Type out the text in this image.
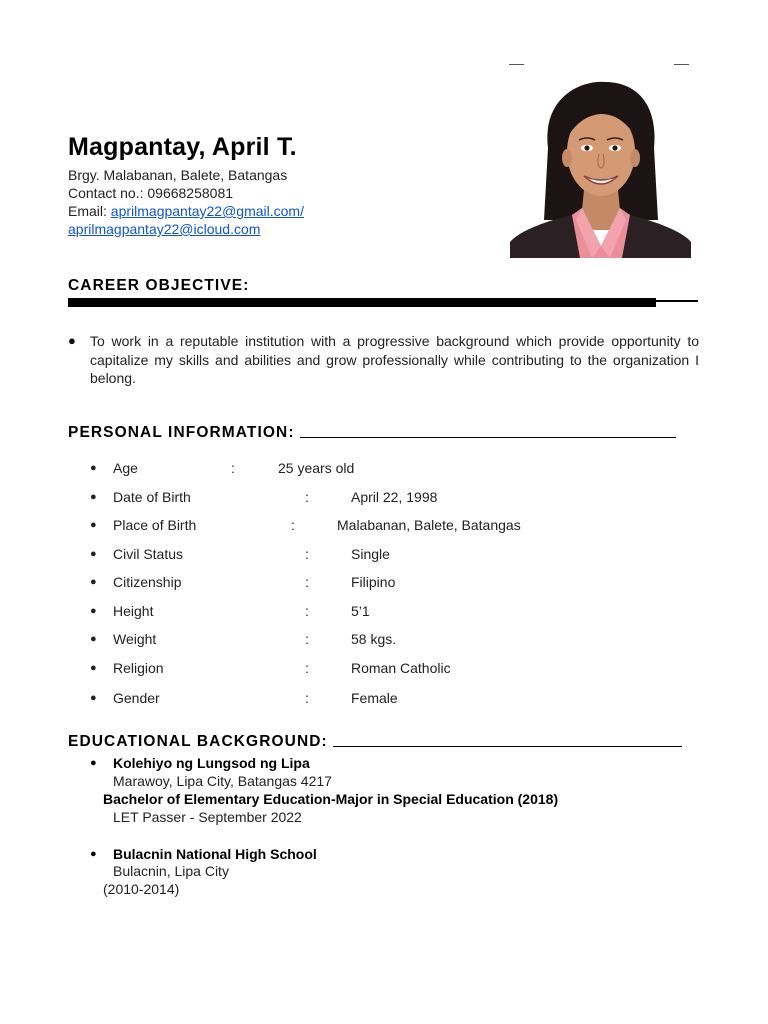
Magpantay, April T.
Brgy. Malabanan, Balete, Batangas
Contact no.: 09668258081
Email: aprilmagpantay22@gmail.com/
aprilmagpantay22@icloud.com
CAREER OBJECTIVE:
● To work in a reputable institution with a progressive background which provide opportunity to capitalize my skills and abilities and grow professionally while contributing to the organization I belong.
PERSONAL INFORMATION:
● Age	:	25 years old
● Date of Birth	:	April 22, 1998
● Place of Birth	:	Malabanan, Balete, Batangas
● Civil Status	:	Single
● Citizenship	:	Filipino
● Height	:	5’1
● Weight	:	58 kgs.
● Religion	:	Roman Catholic
● Gender	:	Female
EDUCATIONAL BACKGROUND:
● Kolehiyo ng Lungsod ng Lipa
Marawoy, Lipa City, Batangas 4217
Bachelor of Elementary Education-Major in Special Education (2018)
LET Passer - September 2022
● Bulacnin National High School
Bulacnin, Lipa City
(2010-2014)
